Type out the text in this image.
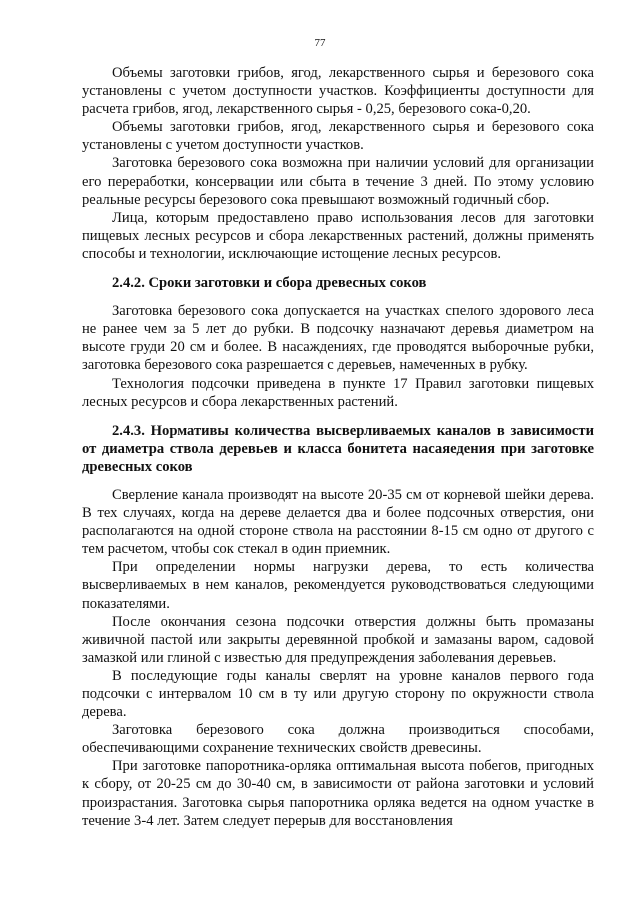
77

Объемы заготовки грибов, ягод, лекарственного сырья и березового сока установлены с учетом доступности участков. Коэффициенты доступности для расчета грибов, ягод, лекарственного сырья - 0,25, березового сока-0,20.

Объемы заготовки грибов, ягод, лекарственного сырья и березового сока установлены с учетом доступности участков.

Заготовка березового сока возможна при наличии условий для организации его переработки, консервации или сбыта в течение 3 дней. По этому условию реальные ресурсы березового сока превышают возможный годичный сбор.

Лица, которым предоставлено право использования лесов для заготовки пищевых лесных ресурсов и сбора лекарственных растений, должны применять способы и технологии, исключающие истощение лесных ресурсов.

2.4.2. Сроки заготовки и сбора древесных соков

Заготовка березового сока допускается на участках спелого здорового леса не ранее чем за 5 лет до рубки. В подсочку назначают деревья диаметром на высоте груди 20 см и более. В насаждениях, где проводятся выборочные рубки, заготовка березового сока разрешается с деревьев, намеченных в рубку.

Технология подсочки приведена в пункте 17 Правил заготовки пищевых лесных ресурсов и сбора лекарственных растений.

2.4.3. Нормативы количества высверливаемых каналов в зависимости от диаметра ствола деревьев и класса бонитета насаяедения при заготовке древесных соков

Сверление канала производят на высоте 20-35 см от корневой шейки дерева. В тех случаях, когда на дереве делается два и более подсочных отверстия, они располагаются на одной стороне ствола на расстоянии 8-15 см одно от другого с тем расчетом, чтобы сок стекал в один приемник.

При определении нормы нагрузки дерева, то есть количества высверливаемых в нем каналов, рекомендуется руководствоваться следующими показателями.

После окончания сезона подсочки отверстия должны быть промазаны живичной пастой или закрыты деревянной пробкой и замазаны варом, садовой замазкой или глиной с известью для предупреждения заболевания деревьев.

В последующие годы каналы сверлят на уровне каналов первого года подсочки с интервалом 10 см в ту или другую сторону по окружности ствола дерева.

Заготовка березового сока должна производиться способами, обеспечивающими сохранение технических свойств древесины.

При заготовке папоротника-орляка оптимальная высота побегов, пригодных к сбору, от 20-25 см до 30-40 см, в зависимости от района заготовки и условий произрастания. Заготовка сырья папоротника орляка ведется на одном участке в течение 3-4 лет. Затем следует перерыв для восстановления
